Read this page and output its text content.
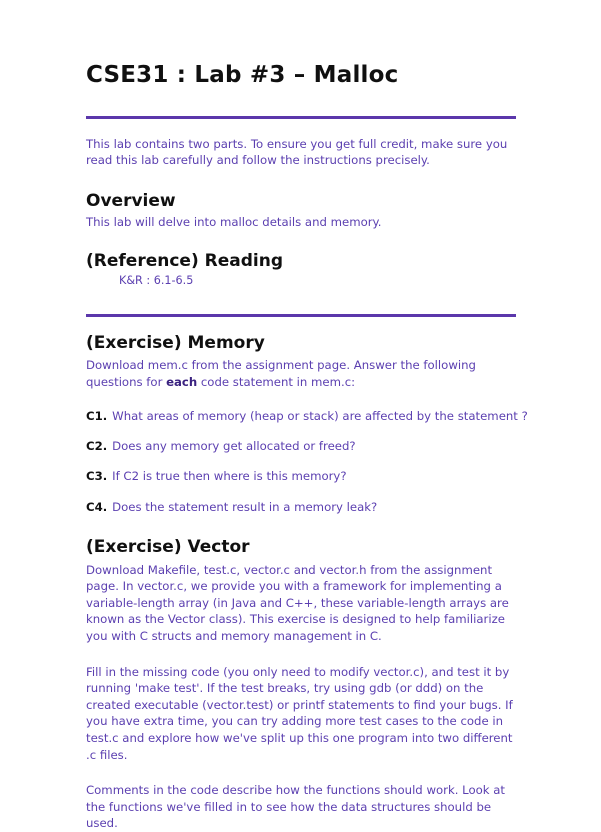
CSE31 : Lab #3 – Malloc

This lab contains two parts. To ensure you get full credit, make sure you read this lab carefully and follow the instructions precisely.

Overview

This lab will delve into malloc details and memory.

(Reference) Reading

K&R : 6.1-6.5

(Exercise) Memory

Download mem.c from the assignment page. Answer the following questions for each code statement in mem.c:

C1. What areas of memory (heap or stack) are affected by the statement ?
C2. Does any memory get allocated or freed?
C3. If C2 is true then where is this memory?
C4. Does the statement result in a memory leak?
(Exercise) Vector

Download Makefile, test.c, vector.c and vector.h from the assignment page. In vector.c, we provide you with a framework for implementing a variable-length array (in Java and C++, these variable-length arrays are known as the Vector class). This exercise is designed to help familiarize you with C structs and memory management in C.

Fill in the missing code (you only need to modify vector.c), and test it by running 'make test'. If the test breaks, try using gdb (or ddd) on the created executable (vector.test) or printf statements to find your bugs. If you have extra time, you can try adding more test cases to the code in test.c and explore how we've split up this one program into two different .c files.

Comments in the code describe how the functions should work. Look at the functions we've filled in to see how the data structures should be used.
